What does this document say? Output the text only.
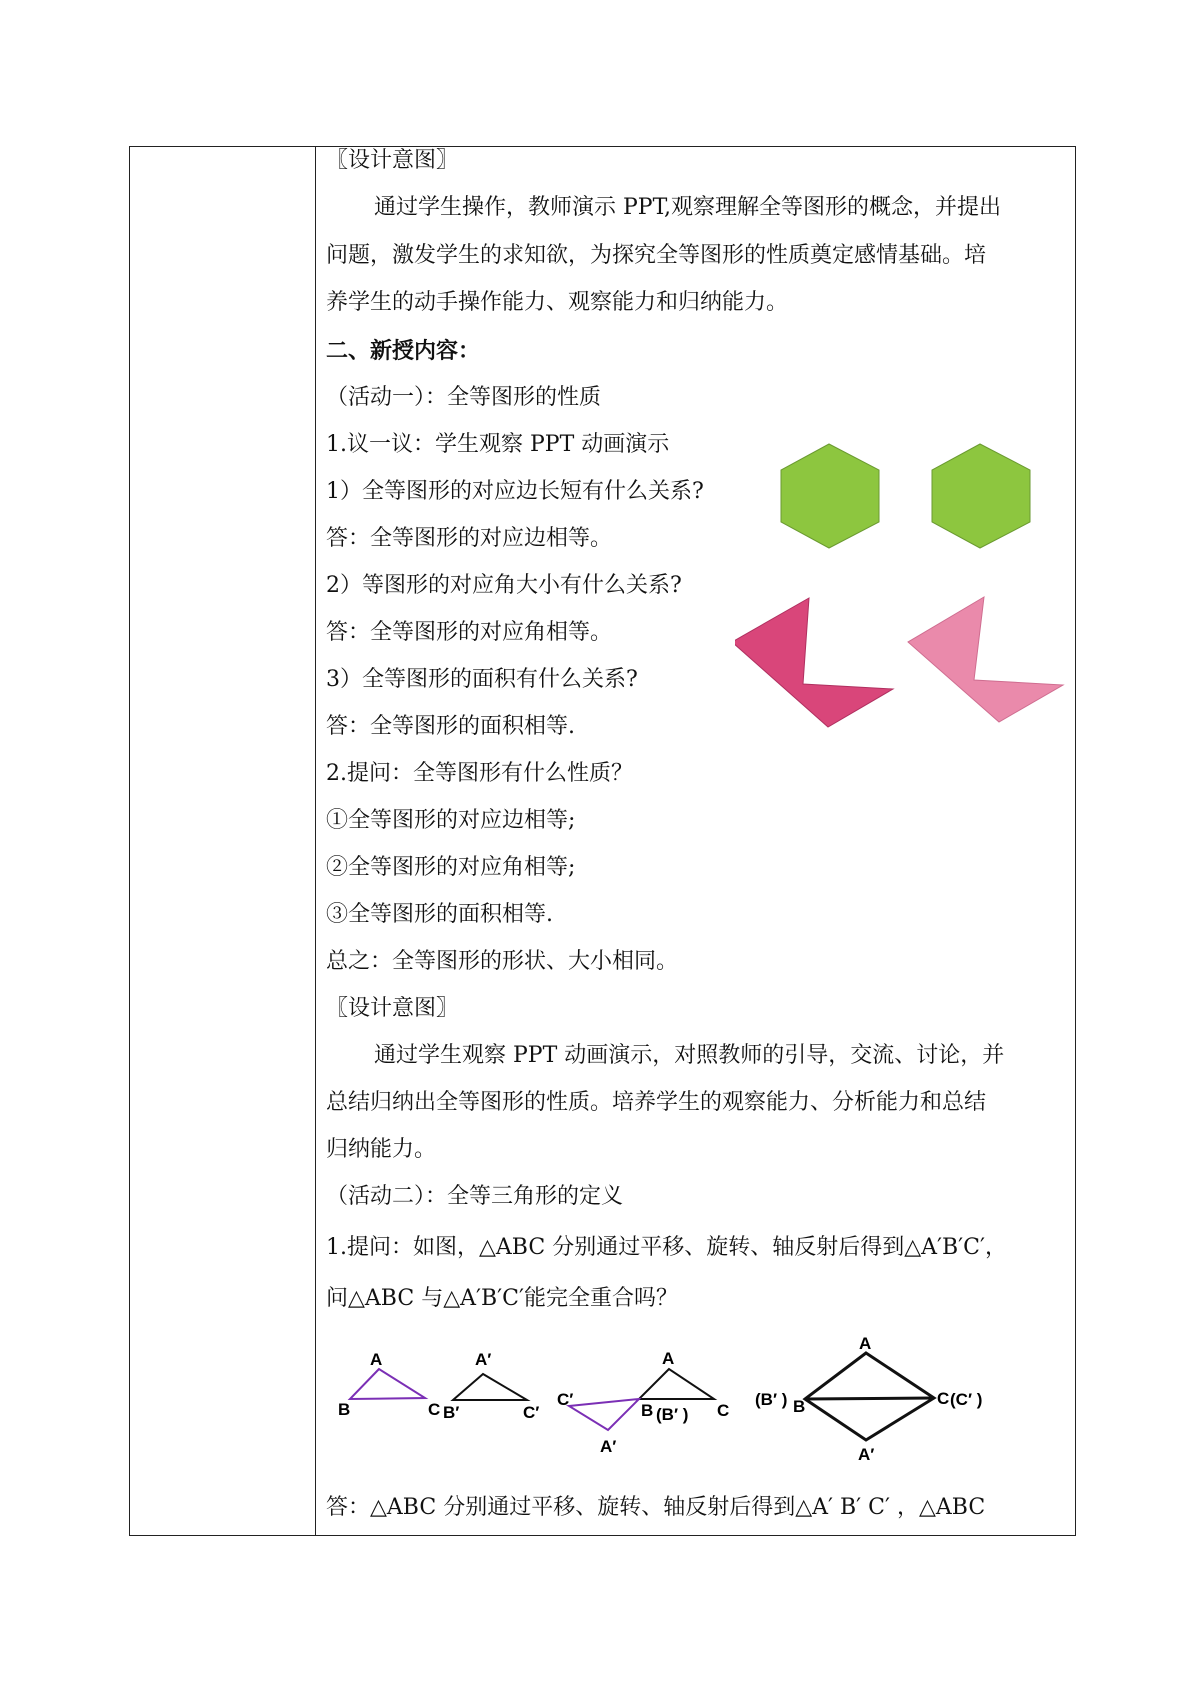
〖设计意图〗
通过学生操作，教师演示 PPT,观察理解全等图形的概念，并提出
问题，激发学生的求知欲，为探究全等图形的性质奠定感情基础。培
养学生的动手操作能力、观察能力和归纳能力。
二、新授内容：
（活动一）：全等图形的性质
1.议一议：学生观察 PPT 动画演示
1）全等图形的对应边长短有什么关系?
答：全等图形的对应边相等。
2）等图形的对应角大小有什么关系?
答：全等图形的对应角相等。
3）全等图形的面积有什么关系?
答：全等图形的面积相等.
2.提问：全等图形有什么性质？
①全等图形的对应边相等;
②全等图形的对应角相等;
③全等图形的面积相等.
总之：全等图形的形状、大小相同。
〖设计意图〗
通过学生观察 PPT 动画演示，对照教师的引导，交流、讨论，并
总结归纳出全等图形的性质。培养学生的观察能力、分析能力和总结
归纳能力。
（活动二）：全等三角形的定义
1.提问：如图，△ABC 分别通过平移、旋转、轴反射后得到△A′B′C′，
问△ABC 与△A′B′C′能完全重合吗？
答：△ABC 分别通过平移、旋转、轴反射后得到△A′ B′ C′ ，△ABC
A
B	C
A′
B′	C′
C′
A
B (B′ ) C
A′
A
(B′ ) B	C (C′ )
A′
